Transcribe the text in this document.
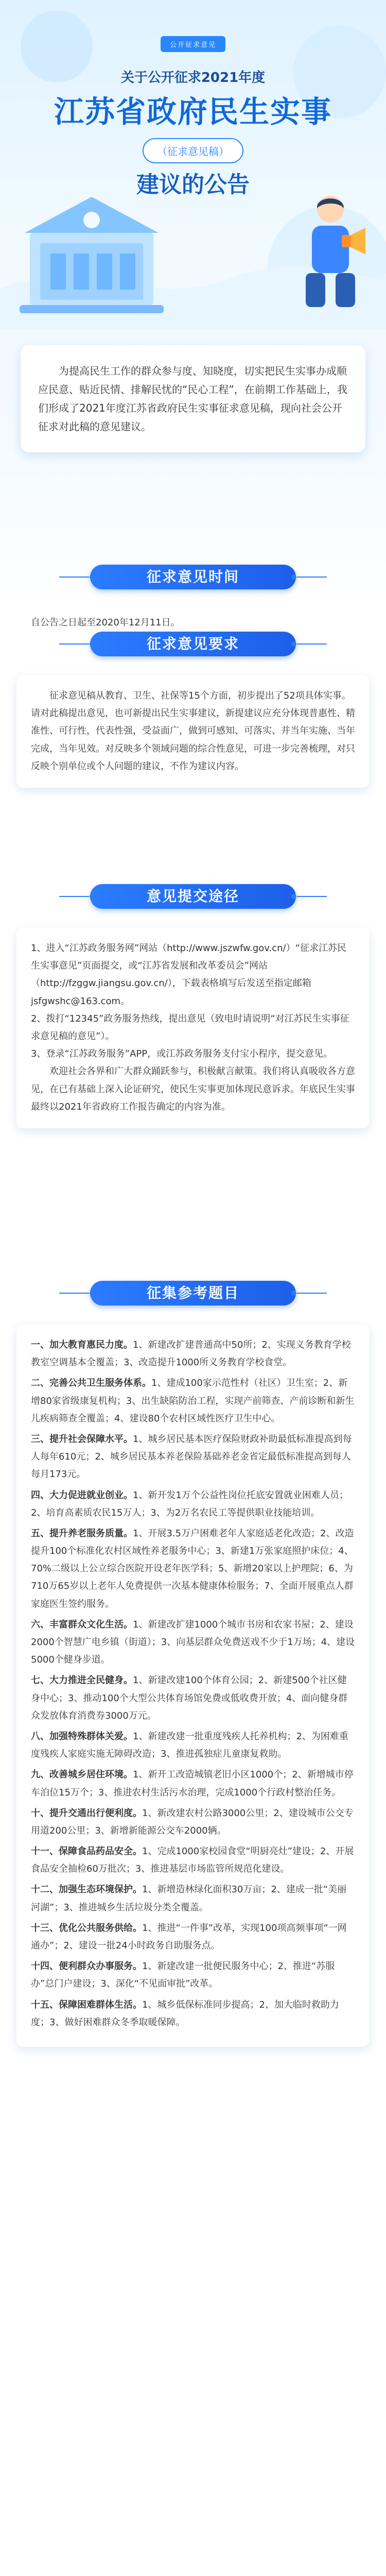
公开征求意见
关于公开征求2021年度
江苏省政府民生实事
（征求意见稿）
建议的公告
为提高民生工作的群众参与度、知晓度，切实把民生实事办成顺应民意、贴近民情、排解民忧的“民心工程”，在前期工作基础上，我们形成了2021年度江苏省政府民生实事征求意见稿，现向社会公开征求对此稿的意见建议。
征求意见时间
自公告之日起至2020年12月11日。
征求意见要求
征求意见稿从教育、卫生、社保等15个方面，初步提出了52项具体实事。请对此稿提出意见，也可新提出民生实事建议，新提建议应充分体现普惠性、精准性、可行性，代表性强，受益面广，做到可感知、可落实、并当年实施、当年完成，当年见效。对反映多个领域问题的综合性意见，可进一步完善梳理，对只反映个别单位或个人问题的建议，不作为建议内容。
意见提交途径

1、进入“江苏政务服务网”网站（http://www.jszwfw.gov.cn/）“征求江苏民生实事意见”页面提交，或“江苏省发展和改革委员会”网站（http://fzggw.jiangsu.gov.cn/），下载表格填写后发送至指定邮箱jsfgwshc@163.com。

2、拨打“12345”政务服务热线，提出意见（致电时请说明“对江苏民生实事征求意见稿的意见”）。

3、登录“江苏政务服务”APP，或江苏政务服务支付宝小程序，提交意见。

欢迎社会各界和广大群众踊跃参与，积极献言献策。我们将认真吸收各方意见，在已有基础上深入论证研究，使民生实事更加体现民意诉求。年底民生实事最终以2021年省政府工作报告确定的内容为准。

征集参考题目
一、加大教育惠民力度。1、新建改扩建普通高中50所；2、实现义务教育学校教室空调基本全覆盖；3、改造提升1000所义务教育学校食堂。
二、完善公共卫生服务体系。1、建成100家示范性村（社区）卫生室；2、新增80家省级康复机构；3、出生缺陷防治工程，实现产前筛查、产前诊断和新生儿疾病筛查全覆盖；4、建设80个农村区域性医疗卫生中心。
三、提升社会保障水平。1、城乡居民基本医疗保险财政补助最低标准提高到每人每年610元；2、城乡居民基本养老保险基础养老金省定最低标准提高到每人每月173元。
四、大力促进就业创业。1、新开发1万个公益性岗位托底安置就业困难人员；2、培育高素质农民15万人；3、为2万名农民工等提供职业技能培训。
五、提升养老服务质量。1、开展3.5万户困难老年人家庭适老化改造；2、改造提升100个标准化农村区域性养老服务中心；3、新建1万张家庭照护床位；4、70%二级以上公立综合医院开设老年医学科；5、新增20家以上护理院；6、为710万65岁以上老年人免费提供一次基本健康体检服务；7、全面开展重点人群家庭医生签约服务。
六、丰富群众文化生活。1、新建改扩建1000个城市书房和农家书屋；2、建设2000个智慧广电乡镇（街道）；3、向基层群众免费送戏不少于1万场；4、建设5000个健身步道。
七、大力推进全民健身。1、新建改建100个体育公园；2、新建500个社区健身中心；3、推动100个大型公共体育场馆免费或低收费开放；4、面向健身群众发放体育消费券3000万元。
八、加强特殊群体关爱。1、新建改建一批重度残疾人托养机构；2、为困难重度残疾人家庭实施无障碍改造；3、推进孤独症儿童康复救助。
九、改善城乡居住环境。1、新开工改造城镇老旧小区1000个；2、新增城市停车泊位15万个；3、推进农村生活污水治理，完成1000个行政村整治任务。
十、提升交通出行便利度。1、新改建农村公路3000公里；2、建设城市公交专用道200公里；3、新增新能源公交车2000辆。
十一、保障食品药品安全。1、完成1000家校园食堂“明厨亮灶”建设；2、开展食品安全抽检60万批次；3、推进基层市场监管所规范化建设。
十二、加强生态环境保护。1、新增造林绿化面积30万亩；2、建成一批“美丽河湖”；3、推进城乡生活垃圾分类全覆盖。
十三、优化公共服务供给。1、推进“一件事”改革，实现100项高频事项“一网通办”；2、建设一批24小时政务自助服务点。
十四、便利群众办事服务。1、新建改建一批便民服务中心；2、推进“苏服办”总门户建设；3、深化“不见面审批”改革。
十五、保障困难群体生活。1、城乡低保标准同步提高；2、加大临时救助力度；3、做好困难群众冬季取暖保障。
